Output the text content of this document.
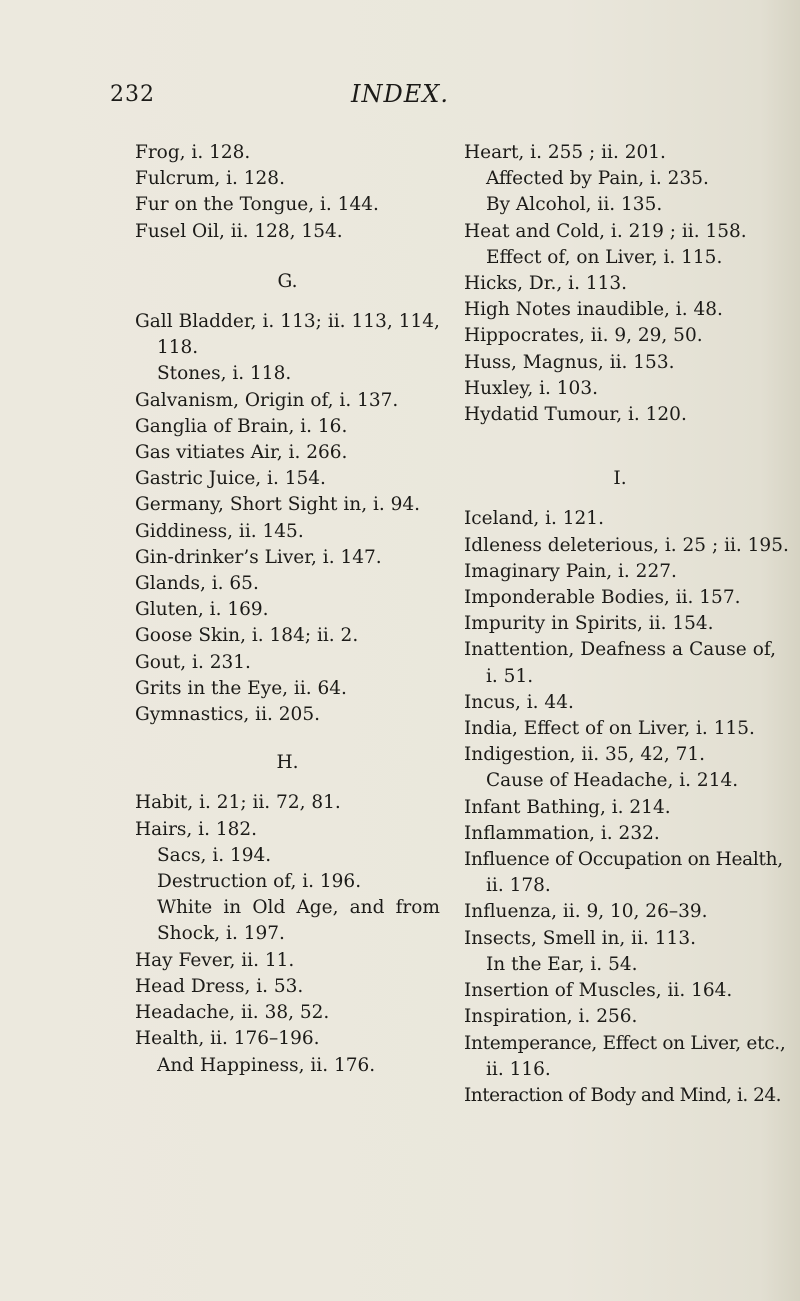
232	INDEX.
Frog, i. 128.
Fulcrum, i. 128.
Fur on the Tongue, i. 144.
Fusel Oil, ii. 128, 154.
G.
Gall Bladder, i. 113; ii. 113, 114,
118.
Stones, i. 118.
Galvanism, Origin of, i. 137.
Ganglia of Brain, i. 16.
Gas vitiates Air, i. 266.
Gastric Juice, i. 154.
Germany, Short Sight in, i. 94.
Giddiness, ii. 145.
Gin-drinker’s Liver, i. 147.
Glands, i. 65.
Gluten, i. 169.
Goose Skin, i. 184; ii. 2.
Gout, i. 231.
Grits in the Eye, ii. 64.
Gymnastics, ii. 205.
H.
Habit, i. 21; ii. 72, 81.
Hairs, i. 182.
Sacs, i. 194.
Destruction of, i. 196.
White in Old Age, and from
Shock, i. 197.
Hay Fever, ii. 11.
Head Dress, i. 53.
Headache, ii. 38, 52.
Health, ii. 176–196.
And Happiness, ii. 176.
Heart, i. 255 ; ii. 201.
Affected by Pain, i. 235.
By Alcohol, ii. 135.
Heat and Cold, i. 219 ; ii. 158.
Effect of, on Liver, i. 115.
Hicks, Dr., i. 113.
High Notes inaudible, i. 48.
Hippocrates, ii. 9, 29, 50.
Huss, Magnus, ii. 153.
Huxley, i. 103.
Hydatid Tumour, i. 120.
I.
Iceland, i. 121.
Idleness deleterious, i. 25 ; ii. 195.
Imaginary Pain, i. 227.
Imponderable Bodies, ii. 157.
Impurity in Spirits, ii. 154.
Inattention, Deafness a Cause of,
i. 51.
Incus, i. 44.
India, Effect of on Liver, i. 115.
Indigestion, ii. 35, 42, 71.
Cause of Headache, i. 214.
Infant Bathing, i. 214.
Inflammation, i. 232.
Influence of Occupation on Health,
ii. 178.
Influenza, ii. 9, 10, 26–39.
Insects, Smell in, ii. 113.
In the Ear, i. 54.
Insertion of Muscles, ii. 164.
Inspiration, i. 256.
Intemperance, Effect on Liver, etc.,
ii. 116.
Interaction of Body and Mind, i. 24.
